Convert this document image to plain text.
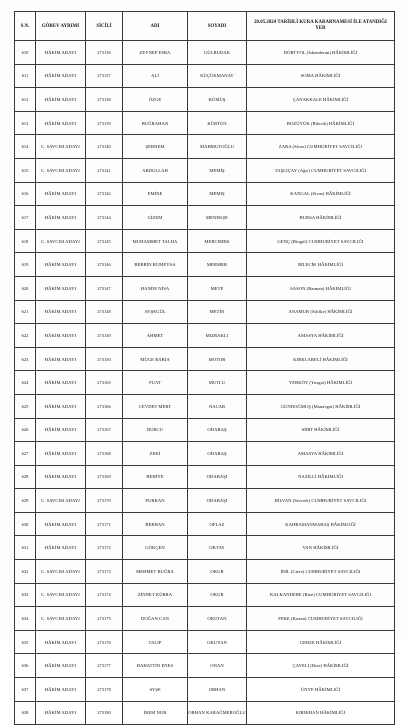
S.N.	GÖREV AYRIMI	SİCİLİ	ADI	SOYADI	20.05.2024 TARİHLİ KURA KARARNAMESİ İLE ATANDIĞI YER

610	HÂKİM ADAYI	273136	ZEYNEP ESRA	GÜLBUDAK	DÖRTYOL (İskenderun) HÂKİMLİĞİ
611	HÂKİM ADAYI	273137	ALİ	KÜÇÜKMANAV	SOMA HÂKİMLİĞİ
612	HÂKİM ADAYI	273138	ÖZGE	KÜMÜŞ	ÇANAKKALE HÂKİMLİĞİ
613	HÂKİM ADAYI	273139	BUĞRAHAN	KÜRTÜN	BOZÜYÜK (Bilecik) HÂKİMLİĞİ
614	C. SAVCISI ADAYI	273140	ŞEBNEM	MAHMUTOĞLU	ZARA (Sivas) CUMHURİYET SAVCILIĞI
615	C. SAVCISI ADAYI	273141	ABDULLAH	MEMİŞ	TAŞLIÇAY (Ağrı) CUMHURİYET SAVCILIĞI
616	HÂKİM ADAYI	273142	EMİNE	MEMİŞ	KANGAL (Sivas) HÂKİMLİĞİ
617	HÂKİM ADAYI	273144	GİZEM	MENEKŞE	BURSA HÂKİMLİĞİ
618	C. SAVCISI ADAYI	273145	MUHAMMET TALHA	MERCİMEK	GENÇ (Bingöl) CUMHURİYET SAVCILIĞI
619	HÂKİM ADAYI	273146	BERRİN RUMEYSA	MERMER	BİLECİK HÂKİMLİĞİ
620	HÂKİM ADAYI	273147	HANDE NİSA	METE	SASON (Batman) HÂKİMLİĞİ
621	HÂKİM ADAYI	273148	AYŞEGÜL	METİN	ANAMUR (Silifke) HÂKİMLİĞİ
622	HÂKİM ADAYI	273149	AHMET	MIZRAKLI	AMASYA HÂKİMLİĞİ
623	HÂKİM ADAYI	273150	MÜGE RABİA	MOTOR	KIRKLARELİ HÂKİMLİĞİ
624	HÂKİM ADAYI	273165	FUAT	MUTLU	YERKÖY (Yozgat) HÂKİMLİĞİ
625	HÂKİM ADAYI	273166	CEVDET MERT	NACAR	GÜNDOĞMUŞ (Manavgat) HÂKİMLİĞİ
626	HÂKİM ADAYI	273167	BURCU	ODABAŞ	SİİRT HÂKİMLİĞİ
627	HÂKİM ADAYI	273168	ZEKİ	ODABAŞ	AMASYA HÂKİMLİĞİ
628	HÂKİM ADAYI	273169	BEHİYE	ODABAŞI	NAZİLLİ HÂKİMLİĞİ
629	C. SAVCISI ADAYI	273170	FURKAN	ODABAŞI	HİLVAN (Siverek) CUMHURİYET SAVCILIĞI
630	HÂKİM ADAYI	273171	BERHAN	OFLAZ	KAHRAMANMARAŞ HÂKİMLİĞİ
631	HÂKİM ADAYI	273172	GÖKÇEN	OKTAY	VAN HÂKİMLİĞİ
632	C. SAVCISI ADAYI	273173	MEHMET BUĞRA	OKUR	İDİL (Cizre) CUMHURİYET SAVCILIĞI
633	C. SAVCISI ADAYI	273174	ZİNNET KÜBRA	OKUR	KALKANDERE (Rize) CUMHURİYET SAVCILIĞI
634	C. SAVCISI ADAYI	273175	DOĞAN CAN	OKUTAN	FEKE (Kozan) CUMHURİYET SAVCILIĞI
635	HÂKİM ADAYI	273176	TALİP	OKUYAN	GEBZE HÂKİMLİĞİ
636	HÂKİM ADAYI	273177	BAHATTİN ENES	ONAN	ÇAYELİ (Rize) HÂKİMLİĞİ
637	HÂKİM ADAYI	273178	AYŞE	ORHAN	ÜNYE HÂKİMLİĞİ
638	HÂKİM ADAYI	273180	İREM NUR	ORHAN KARAĞMEROĞLU	KIRIKHAN HÂKİMLİĞİ
